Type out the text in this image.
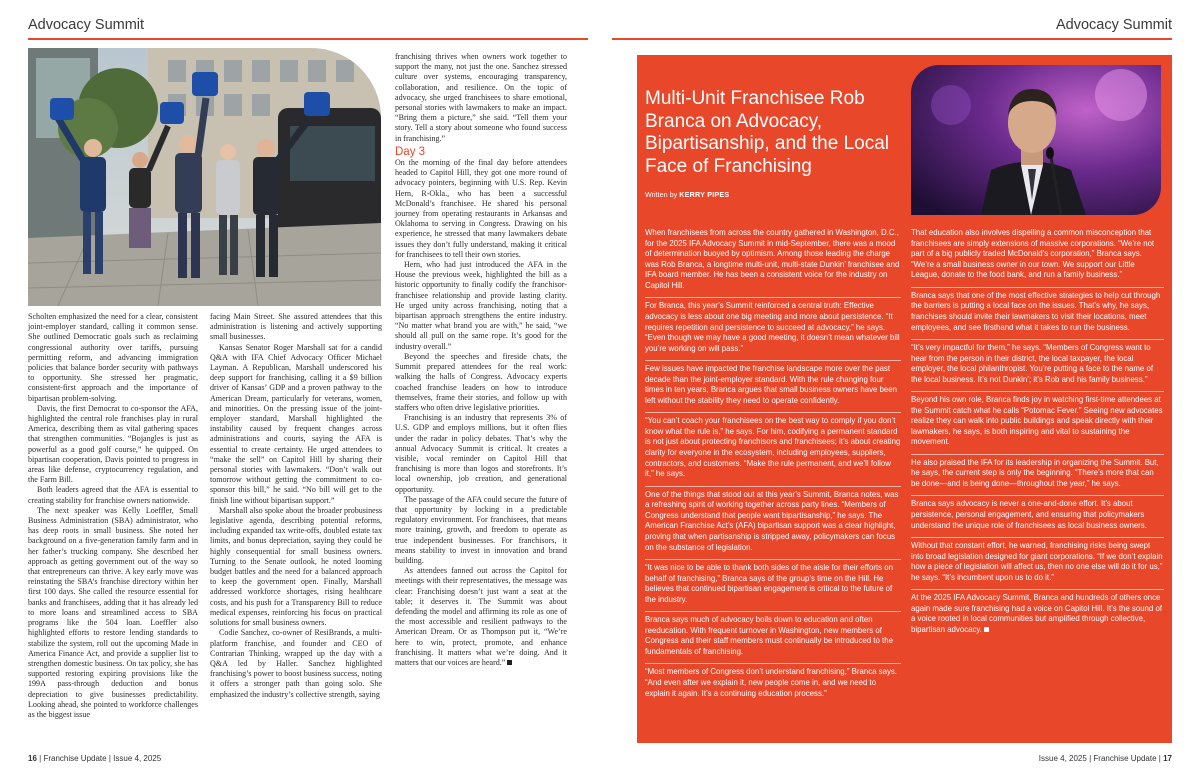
Advocacy Summit	Advocacy Summit

Scholten emphasized the need for a clear, consistent joint-employer standard, calling it common sense. She outlined Democratic goals such as reclaiming congressional authority over tariffs, pursuing permitting reform, and advancing immigration policies that balance border security with pathways to opportunity. She stressed her pragmatic, consistent-first approach and the importance of bipartisan problem-solving.

Davis, the first Democrat to co-sponsor the AFA, highlighted the central role franchises play in rural America, describing them as vital gathering spaces that strengthen communities. “Bojangles is just as powerful as a good golf course,” he quipped. On bipartisan cooperation, Davis pointed to progress in areas like defense, cryptocurrency regulation, and the Farm Bill.

Both leaders agreed that the AFA is essential to creating stability for franchise owners nationwide.

The next speaker was Kelly Loeffler, Small Business Administration (SBA) administrator, who has deep roots in small business. She noted her background on a five-generation family farm and in her father’s trucking company. She described her approach as getting government out of the way so that entrepreneurs can thrive. A key early move was reinstating the SBA’s franchise directory within her first 100 days. She called the resource essential for banks and franchisees, adding that it has already led to more loans and streamlined access to SBA programs like the 504 loan. Loeffler also highlighted efforts to restore lending standards to stabilize the system, roll out the upcoming Made in America Finance Act, and provide a supplier list to strengthen domestic business. On tax policy, she has supported restoring expiring provisions like the 199A pass-through deduction and bonus depreciation to give businesses predictability. Looking ahead, she pointed to workforce challenges as the biggest issue

facing Main Street. She assured attendees that this administration is listening and actively supporting small businesses.

Kansas Senator Roger Marshall sat for a candid Q&A with IFA Chief Advocacy Officer Michael Layman. A Republican, Marshall underscored his deep support for franchising, calling it a $9 billion driver of Kansas’ GDP and a proven pathway to the American Dream, particularly for veterans, women, and minorities. On the pressing issue of the joint-employer standard, Marshall highlighted the instability caused by frequent changes across administrations and courts, saying the AFA is essential to create certainty. He urged attendees to “make the sell” on Capitol Hill by sharing their personal stories with lawmakers. “Don’t walk out tomorrow without getting the commitment to co-sponsor this bill,” he said. “No bill will get to the finish line without bipartisan support.”

Marshall also spoke about the broader probusiness legislative agenda, describing potential reforms, including expanded tax write-offs, doubled estate tax limits, and bonus depreciation, saying they could be highly consequential for small business owners. Turning to the Senate outlook, he noted looming budget battles and the need for a balanced approach to keep the government open. Finally, Marshall addressed workforce shortages, rising healthcare costs, and his push for a Transparency Bill to reduce medical expenses, reinforcing his focus on practical solutions for small business owners.

Codie Sanchez, co-owner of ResiBrands, a multi-platform franchise, and founder and CEO of Contrarian Thinking, wrapped up the day with a Q&A led by Haller. Sanchez highlighted franchising’s power to boost business success, noting it offers a stronger path than going solo. She emphasized the industry’s collective strength, saying

franchising thrives when owners work together to support the many, not just the one. Sanchez stressed culture over systems, encouraging transparency, collaboration, and resilience. On the topic of advocacy, she urged franchisees to share emotional, personal stories with lawmakers to make an impact. “Bring them a picture,” she said. “Tell them your story. Tell a story about someone who found success in franchising.”

Day 3

On the morning of the final day before attendees headed to Capitol Hill, they got one more round of advocacy pointers, beginning with U.S. Rep. Kevin Hern, R-Okla., who has been a successful McDonald’s franchisee. He shared his personal journey from operating restaurants in Arkansas and Oklahoma to serving in Congress. Drawing on his experience, he stressed that many lawmakers debate issues they don’t fully understand, making it critical for franchisees to tell their own stories.

Hern, who had just introduced the AFA in the House the previous week, highlighted the bill as a historic opportunity to finally codify the franchisor-franchisee relationship and provide lasting clarity. He urged unity across franchising, noting that a bipartisan approach strengthens the entire industry. “No matter what brand you are with,” he said, “we should all pull on the same rope. It’s good for the industry overall.”

Beyond the speeches and fireside chats, the Summit prepared attendees for the real work: walking the halls of Congress. Advocacy experts coached franchise leaders on how to introduce themselves, frame their stories, and follow up with staffers who often drive legislative priorities.

Franchising is an industry that represents 3% of U.S. GDP and employs millions, but it often flies under the radar in policy debates. That’s why the annual Advocacy Summit is critical. It creates a visible, vocal reminder on Capitol Hill that franchising is more than logos and storefronts. It’s local ownership, job creation, and generational opportunity.

The passage of the AFA could secure the future of that opportunity by locking in a predictable regulatory environment. For franchisees, that means more training, growth, and freedom to operate as true independent businesses. For franchisors, it means stability to invest in innovation and brand building.

As attendees fanned out across the Capitol for meetings with their representatives, the message was clear: Franchising doesn’t just want a seat at the table; it deserves it. The Summit was about defending the model and affirming its role as one of the most accessible and resilient pathways to the American Dream. Or as Thompson put it, “We’re here to win, protect, promote, and enhance franchising. It matters what we’re doing. And it matters that our voices are heard.”

Multi-Unit Franchisee Rob Branca on Advocacy, Bipartisanship, and the Local Face of Franchising
Written by KERRY PIPES

When franchisees from across the country gathered in Washington, D.C., for the 2025 IFA Advocacy Summit in mid-September, there was a mood of determination buoyed by optimism. Among those leading the charge was Rob Branca, a longtime multi-unit, multi-state Dunkin’ franchisee and IFA board member. He has been a consistent voice for the industry on Capitol Hill.

For Branca, this year’s Summit reinforced a central truth: Effective advocacy is less about one big meeting and more about persistence. “It requires repetition and persistence to succeed at advocacy,” he says. “Even though we may have a good meeting, it doesn’t mean whatever bill you’re working on will pass.”

Few issues have impacted the franchise landscape more over the past decade than the joint-employer standard. With the rule changing four times in ten years, Branca argues that small business owners have been left without the stability they need to operate confidently.

“You can’t coach your franchisees on the best way to comply if you don’t know what the rule is,” he says. For him, codifying a permanent standard is not just about protecting franchisors and franchisees; it’s about creating clarity for everyone in the ecosystem, including employees, suppliers, contractors, and customers. “Make the rule permanent, and we’ll follow it,” he says.

One of the things that stood out at this year’s Summit, Branca notes, was a refreshing spirit of working together across party lines. “Members of Congress understand that people want bipartisanship,” he says. The American Franchise Act’s (AFA) bipartisan support was a clear highlight, proving that when partisanship is stripped away, policymakers can focus on the substance of legislation.

“It was nice to be able to thank both sides of the aisle for their efforts on behalf of franchising,” Branca says of the group’s time on the Hill. He believes that continued bipartisan engagement is critical to the future of the industry.

Branca says much of advocacy boils down to education and often reeducation. With frequent turnover in Washington, new members of Congress and their staff members must continually be introduced to the fundamentals of franchising.

“Most members of Congress don’t understand franchising,” Branca says. “And even after we explain it, new people come in, and we need to explain it again. It’s a continuing education process.”

That education also involves dispelling a common misconception that franchisees are simply extensions of massive corporations. “We’re not part of a big publicly traded McDonald’s corporation,” Branca says. “We’re a small business owner in our town. We support our Little League, donate to the food bank, and run a family business.”

Branca says that one of the most effective strategies to help cut through the barriers is putting a local face on the issues. That’s why, he says, franchises should invite their lawmakers to visit their locations, meet employees, and see firsthand what it takes to run the business.

“It’s very impactful for them,” he says. “Members of Congress want to hear from the person in their district, the local taxpayer, the local employer, the local philanthropist. You’re putting a face to the name of the local business. It’s not Dunkin’; it’s Rob and his family business.”

Beyond his own role, Branca finds joy in watching first-time attendees at the Summit catch what he calls “Potomac Fever.” Seeing new advocates realize they can walk into public buildings and speak directly with their lawmakers, he says, is both inspiring and vital to sustaining the movement.

He also praised the IFA for its leadership in organizing the Summit. But, he says, the current step is only the beginning. “There’s more that can be done—and is being done—throughout the year,” he says.

Branca says advocacy is never a one-and-done effort. It’s about persistence, personal engagement, and ensuring that policymakers understand the unique role of franchisees as local business owners.

Without that constant effort, he warned, franchising risks being swept into broad legislation designed for giant corporations. “If we don’t explain how a piece of legislation will affect us, then no one else will do it for us,” he says. “It’s incumbent upon us to do it.”

At the 2025 IFA Advocacy Summit, Branca and hundreds of others once again made sure franchising had a voice on Capitol Hill. It’s the sound of a voice rooted in local communities but amplified through collective, bipartisan advocacy.

16 | Franchise Update | Issue 4, 2025	Issue 4, 2025 | Franchise Update | 17
